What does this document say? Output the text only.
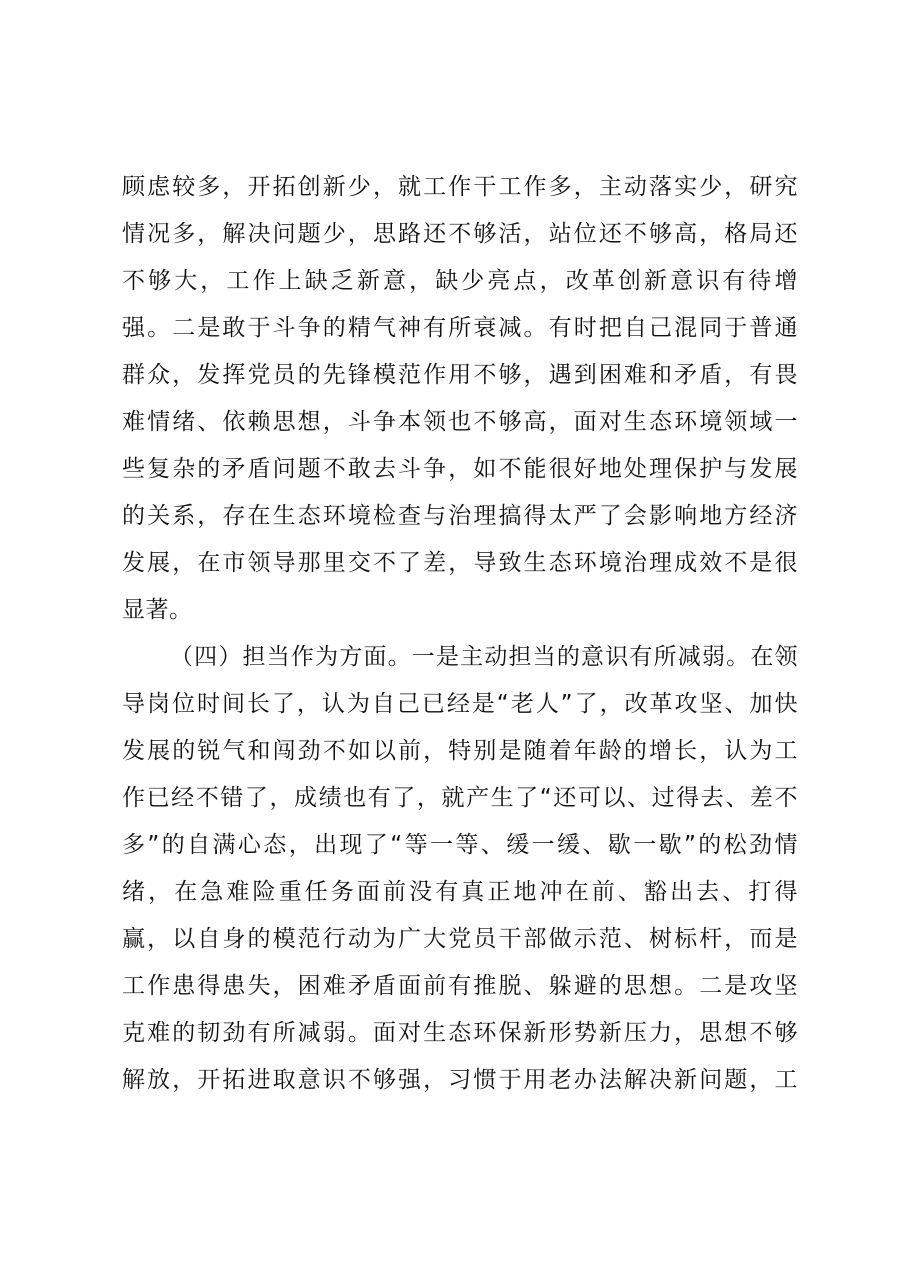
顾虑较多，开拓创新少，就工作干工作多，主动落实少，研究
情况多，解决问题少，思路还不够活，站位还不够高，格局还
不够大，工作上缺乏新意，缺少亮点，改革创新意识有待增
强。二是敢于斗争的精气神有所衰减。有时把自己混同于普通
群众，发挥党员的先锋模范作用不够，遇到困难和矛盾，有畏
难情绪、依赖思想，斗争本领也不够高，面对生态环境领域一
些复杂的矛盾问题不敢去斗争，如不能很好地处理保护与发展
的关系，存在生态环境检查与治理搞得太严了会影响地方经济
发展，在市领导那里交不了差，导致生态环境治理成效不是很
显著。
（四）担当作为方面。一是主动担当的意识有所减弱。在领
导岗位时间长了，认为自己已经是“老人”了，改革攻坚、加快
发展的锐气和闯劲不如以前，特别是随着年龄的增长，认为工
作已经不错了，成绩也有了，就产生了“还可以、过得去、差不
多”的自满心态，出现了“等一等、缓一缓、歇一歇”的松劲情
绪，在急难险重任务面前没有真正地冲在前、豁出去、打得
赢，以自身的模范行动为广大党员干部做示范、树标杆，而是
工作患得患失，困难矛盾面前有推脱、躲避的思想。二是攻坚
克难的韧劲有所减弱。面对生态环保新形势新压力，思想不够
解放，开拓进取意识不够强，习惯于用老办法解决新问题，工
